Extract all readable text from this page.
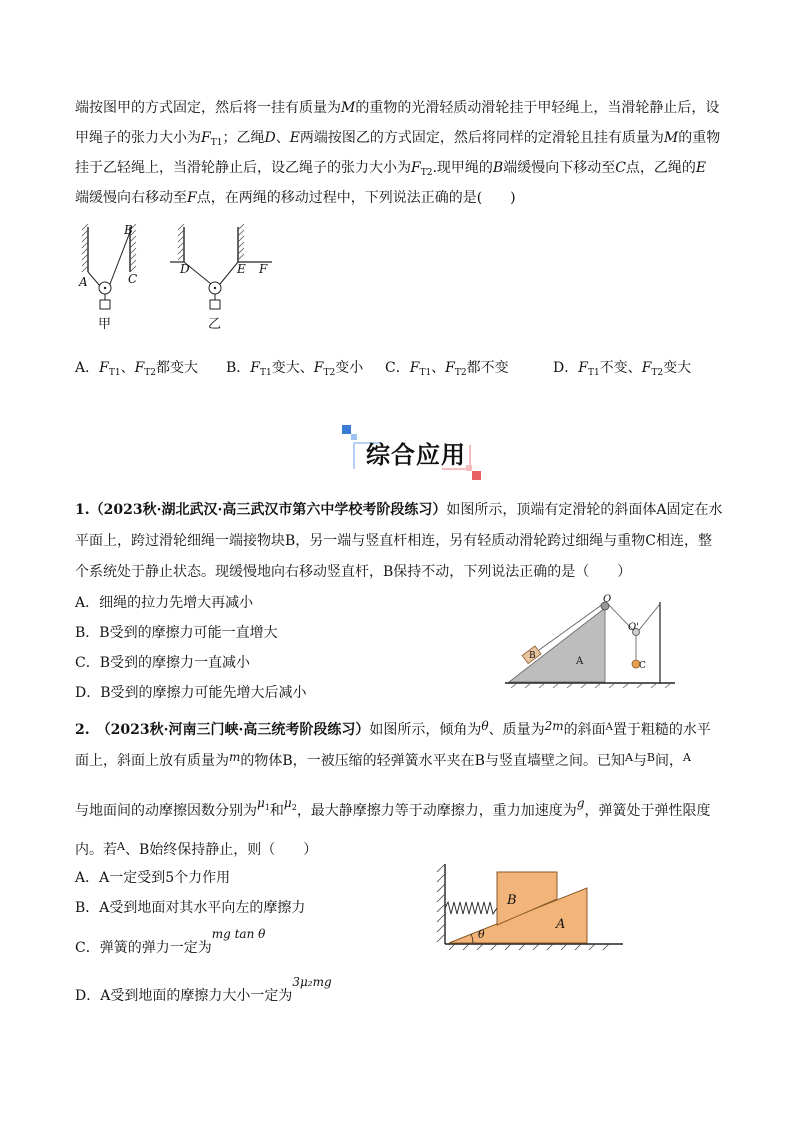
端按图甲的方式固定，然后将一挂有质量为M的重物的光滑轻质动滑轮挂于甲轻绳上，当滑轮静止后，设
甲绳子的张力大小为$F_{T1}$；乙绳D、E两端按图乙的方式固定，然后将同样的定滑轮且挂有质量为M的重物
挂于乙轻绳上，当滑轮静止后，设乙绳子的张力大小为$F_{T2}$.现甲绳的B端缓慢向下移动至C点，乙绳的E
端缓慢向右移动至F点，在两绳的移动过程中，下列说法正确的是(　　)
A
B
C
甲
D	E F
乙
A．$F_{T1}$、$F_{T2}$都变大 B．$F_{T1}$变大、$F_{T2}$变小 C．$F_{T1}$、$F_{T2}$都不变	D．$F_{T1}$不变、$F_{T2}$变大
综合应用
1.（2023秋·湖北武汉·高三武汉市第六中学校考阶段练习）如图所示，顶端有定滑轮的斜面体A固定在水
平面上，跨过滑轮细绳一端接物块B，另一端与竖直杆相连，另有轻质动滑轮跨过细绳与重物C相连，整
个系统处于静止状态。现缓慢地向右移动竖直杆，B保持不动，下列说法正确的是（　　）
A．细绳的拉力先增大再减小
B．B受到的摩擦力可能一直增大
C．B受到的摩擦力一直减小
D．B受到的摩擦力可能先增大后减小
O
O'
A
B
C
2.　 （2023秋·河南三门峡·高三统考阶段练习）如图所示，倾角为θ、质量为2m的斜面$^A$置于粗糙的水平
面上，斜面上放有质量为m的物体B，一被压缩的轻弹簧水平夹在B与竖直墙壁之间。已知$^A$与$^B$间，$^A$
与地面间的动摩擦因数分别为$\mu^1$和$\mu^2$，最大静摩擦力等于动摩擦力，重力加速度为g，弹簧处于弹性限度
内。若$^A$、B始终保持静止，则（　　）
A．A一定受到5个力作用
B．A受到地面对其水平向左的摩擦力
C．弹簧的弹力一定为mg tan θ
D．A受到地面的摩擦力大小一定为3μ₂mg
B
A
θ
